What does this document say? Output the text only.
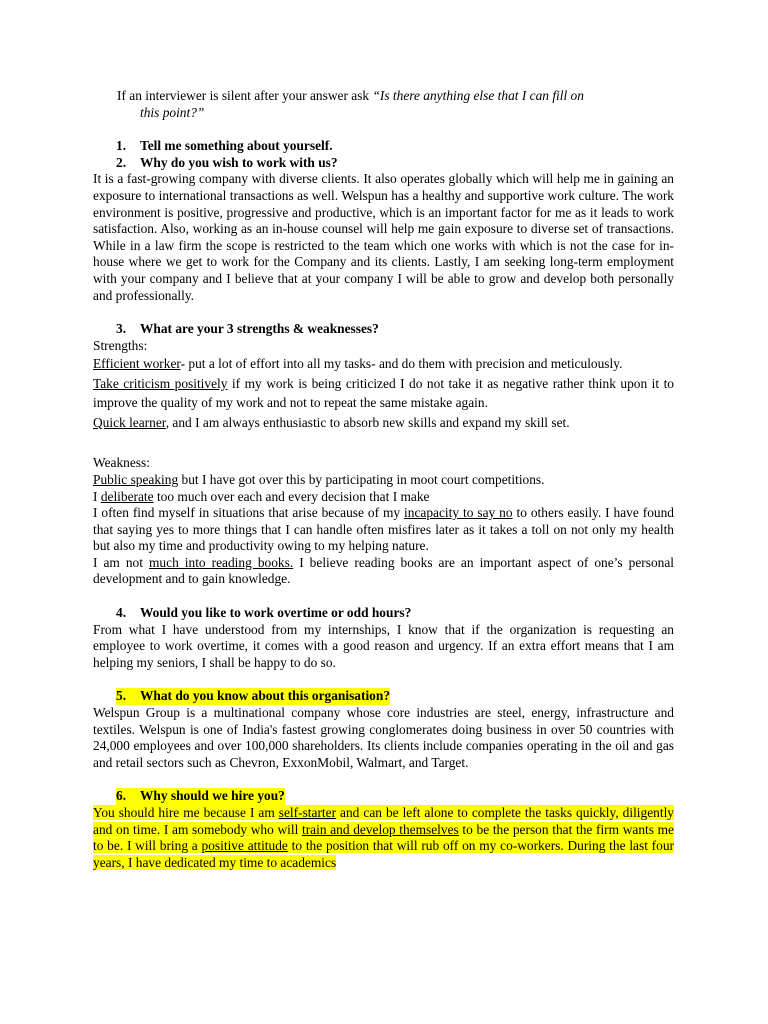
If an interviewer is silent after your answer ask “Is there anything else that I can fill on
this point?”

1.	Tell me something about yourself.
2.	Why do you wish to work with us?

It is a fast-growing company with diverse clients. It also operates globally which will help me in gaining an exposure to international transactions as well. Welspun has a healthy and supportive work culture. The work environment is positive, progressive and productive, which is an important factor for me as it leads to work satisfaction. Also, working as an in-house counsel will help me gain exposure to diverse set of transactions. While in a law firm the scope is restricted to the team which one works with which is not the case for in-house where we get to work for the Company and its clients. Lastly, I am seeking long-term employment with your company and I believe that at your company I will be able to grow and develop both personally and professionally.

3.	What are your 3 strengths & weaknesses?

Strengths:

Efficient worker- put a lot of effort into all my tasks- and do them with precision and meticulously.

Take criticism positively if my work is being criticized I do not take it as negative rather think upon it to improve the quality of my work and not to repeat the same mistake again.

Quick learner, and I am always enthusiastic to absorb new skills and expand my skill set.

Weakness:

Public speaking but I have got over this by participating in moot court competitions.

I deliberate too much over each and every decision that I make

I often find myself in situations that arise because of my incapacity to say no to others easily. I have found that saying yes to more things that I can handle often misfires later as it takes a toll on not only my health but also my time and productivity owing to my helping nature.

I am not much into reading books. I believe reading books are an important aspect of one’s personal development and to gain knowledge.

4.	Would you like to work overtime or odd hours?

From what I have understood from my internships, I know that if the organization is requesting an employee to work overtime, it comes with a good reason and urgency. If an extra effort means that I am helping my seniors, I shall be happy to do so.

5. What do you know about this organisation?

Welspun Group is a multinational company whose core industries are steel, energy, infrastructure and textiles. Welspun is one of India's fastest growing conglomerates doing business in over 50 countries with 24,000 employees and over 100,000 shareholders. Its clients include companies operating in the oil and gas and retail sectors such as Chevron, ExxonMobil, Walmart, and Target.

6. Why should we hire you?

You should hire me because I am self-starter and can be left alone to complete the tasks quickly, diligently and on time. I am somebody who will train and develop themselves to be the person that the firm wants me to be. I will bring a positive attitude to the position that will rub off on my co-workers. During the last four years, I have dedicated my time to academics
